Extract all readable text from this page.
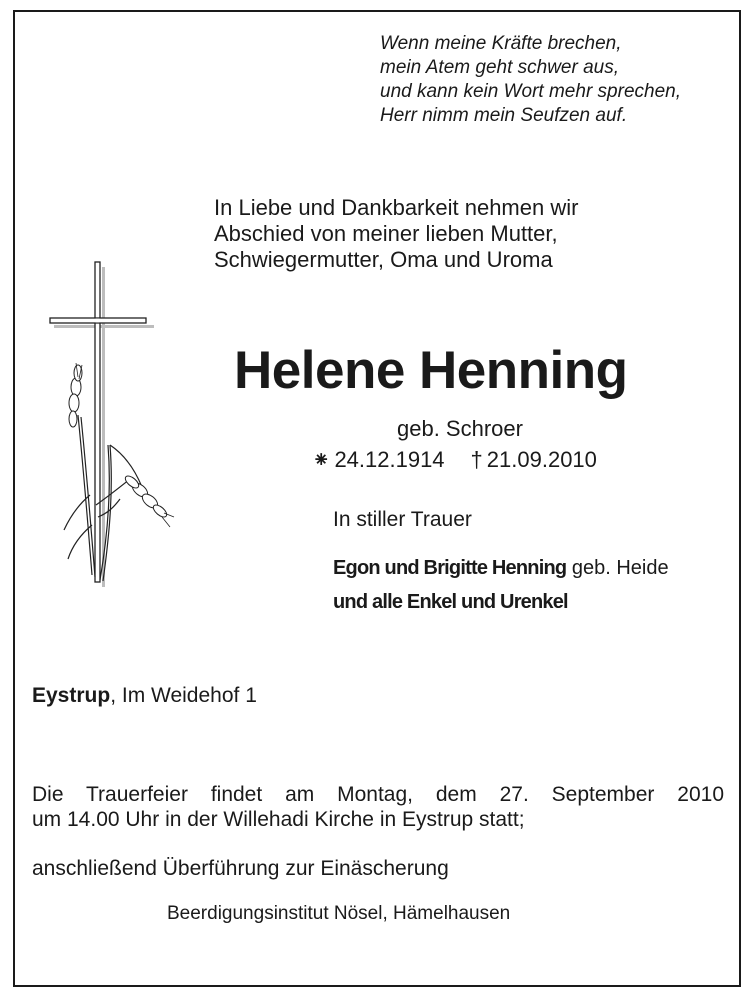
Wenn meine Kräfte brechen,
mein Atem geht schwer aus,
und kann kein Wort mehr sprechen,
Herr nimm mein Seufzen auf.
In Liebe und Dankbarkeit nehmen wir
Abschied von meiner lieben Mutter,
Schwiegermutter, Oma und Uroma
Helene Henning
geb. Schroer
⁕ 24.12.1914 † 21.09.2010
In stiller Trauer
Egon und Brigitte Henning geb. Heide
und alle Enkel und Urenkel
Eystrup, Im Weidehof 1
Die Trauerfeier findet am Montag, dem 27. September 2010
um 14.00 Uhr in der Willehadi Kirche in Eystrup statt;
anschließend Überführung zur Einäscherung
Beerdigungsinstitut Nösel, Hämelhausen
